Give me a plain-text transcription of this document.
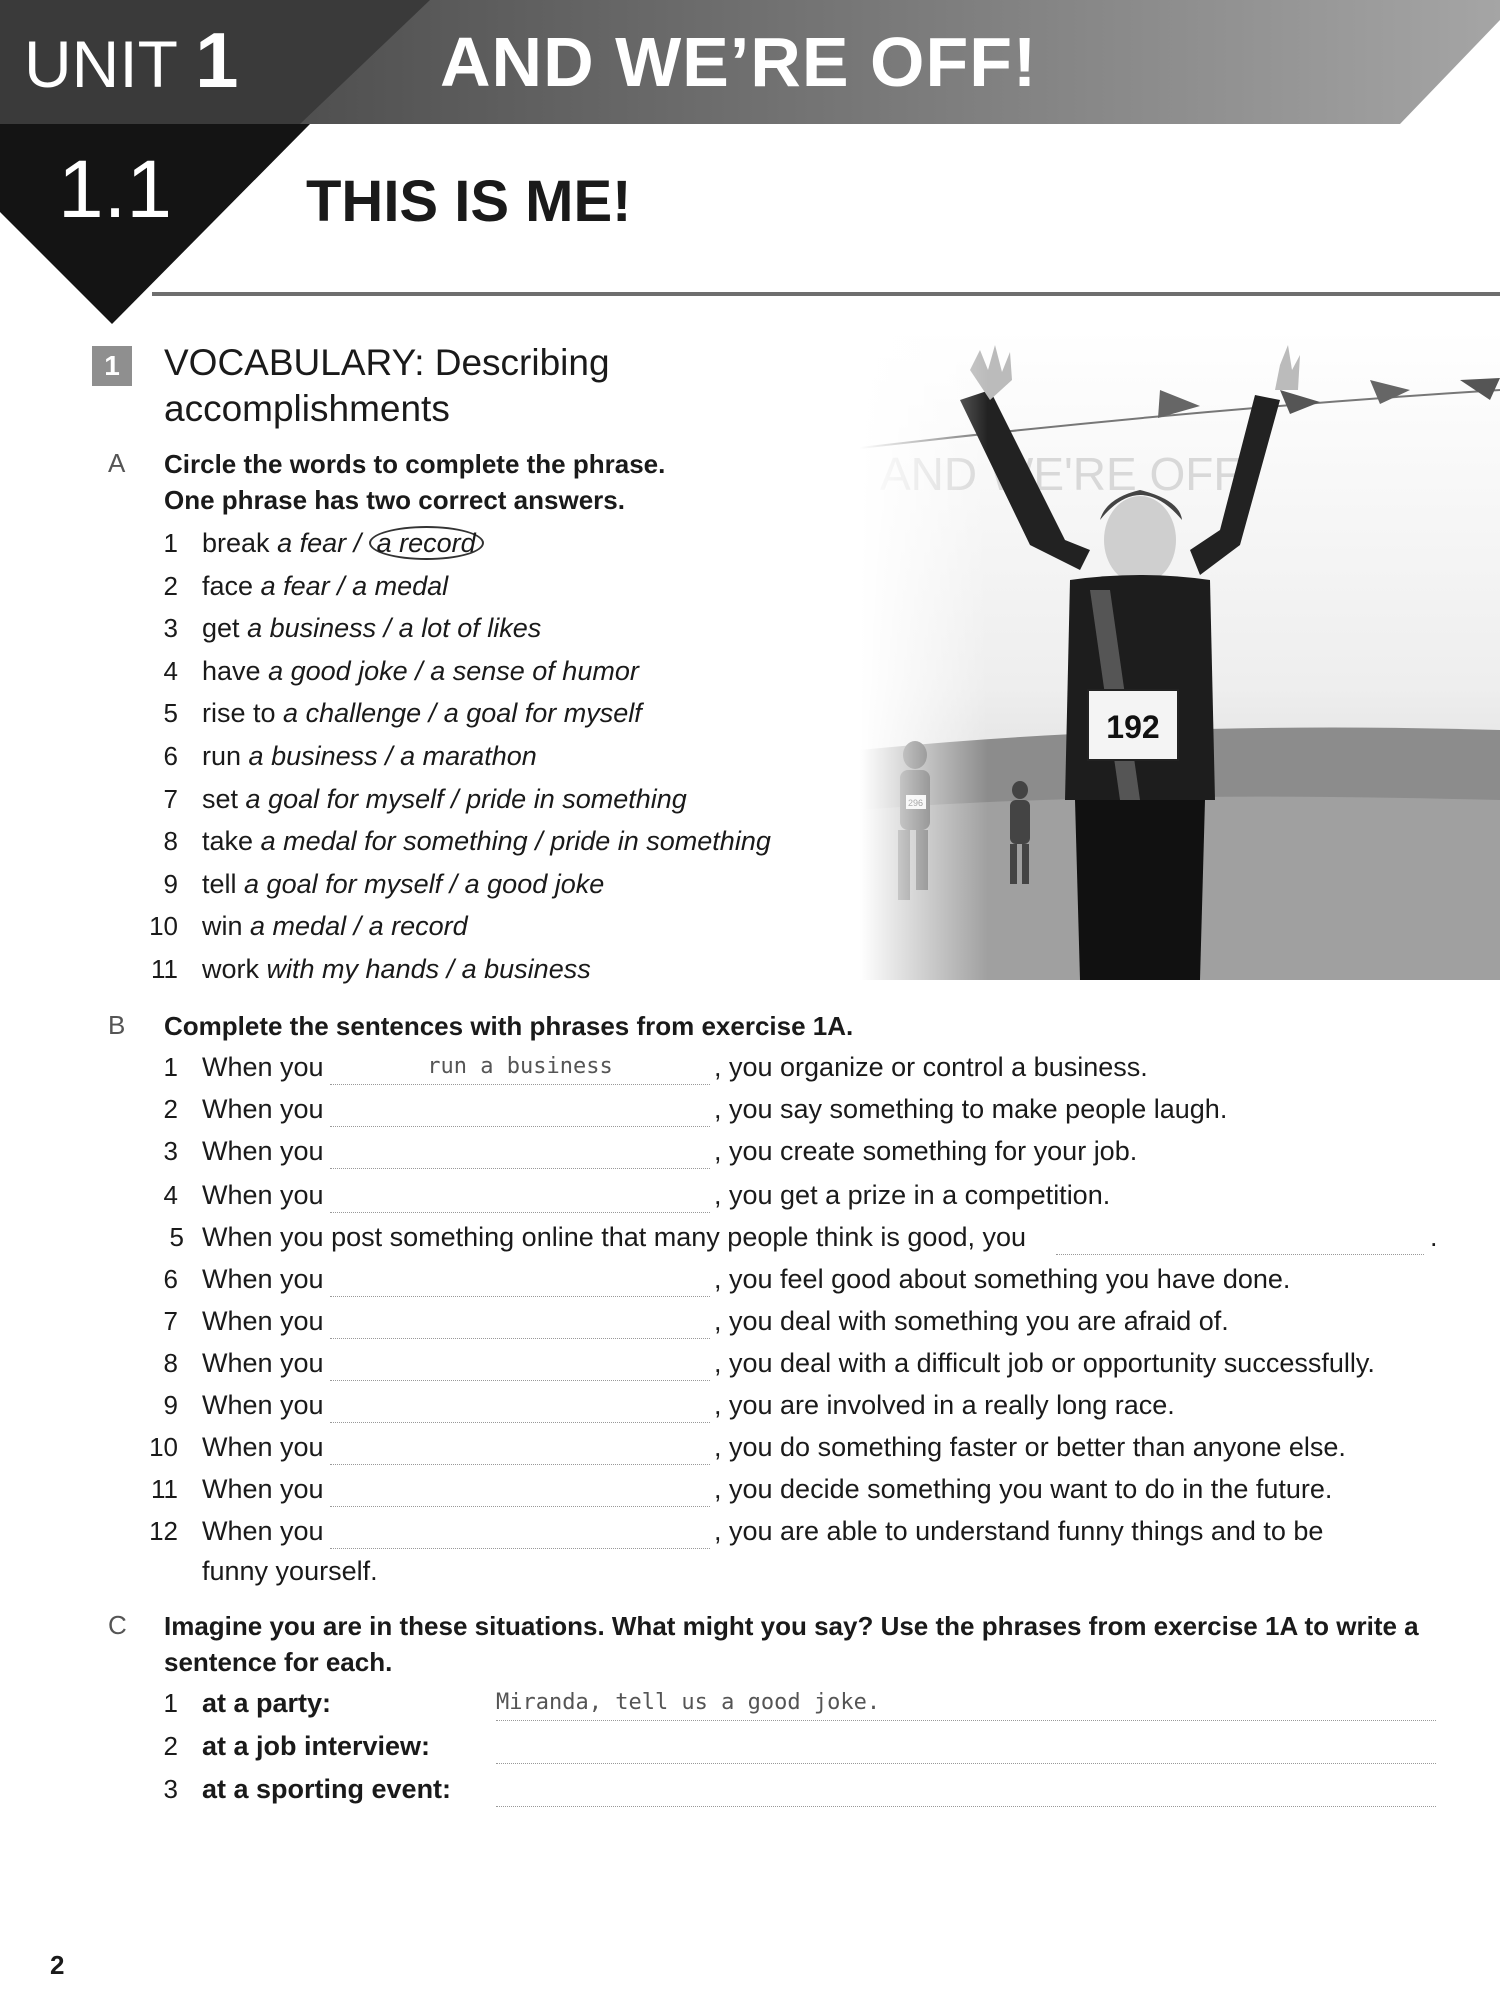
UNIT 1	AND WE’RE OFF!
1.1 THIS IS ME!
1	VOCABULARY: Describing
accomplishments
A Circle the words to complete the phrase.
One phrase has two correct answers.
1 break a fear / a record
2 face a fear / a medal
3 get a business / a lot of likes
4 have a good joke / a sense of humor
5 rise to a challenge / a goal for myself
6 run a business / a marathon
7 set a goal for myself / pride in something
8 take a medal for something / pride in something
9 tell a goal for myself / a good joke
10 win a medal / a record
11 work with my hands / a business
B Complete the sentences with phrases from exercise 1A.
1 When you	run a business	, you organize or control a business.
2 When you	, you say something to make people laugh.
3 When you	, you create something for your job.
4 When you	, you get a prize in a competition.
6 When you	, you feel good about something you have done.
7 When you	, you deal with something you are afraid of.
8 When you	, you deal with a difficult job or opportunity successfully.
9 When you	, you are involved in a really long race.
10 When you	, you do something faster or better than anyone else.
11 When you	, you decide something you want to do in the future.
12 When you	, you are able to understand funny things and to be
5 When you post something online that many people think is good, you	.
funny yourself.
C Imagine you are in these situations. What might you say? Use the phrases from exercise 1A to write a
sentence for each.
1 at a party:	Miranda, tell us a good joke.
2 at a job interview:
3 at a sporting event:
2
